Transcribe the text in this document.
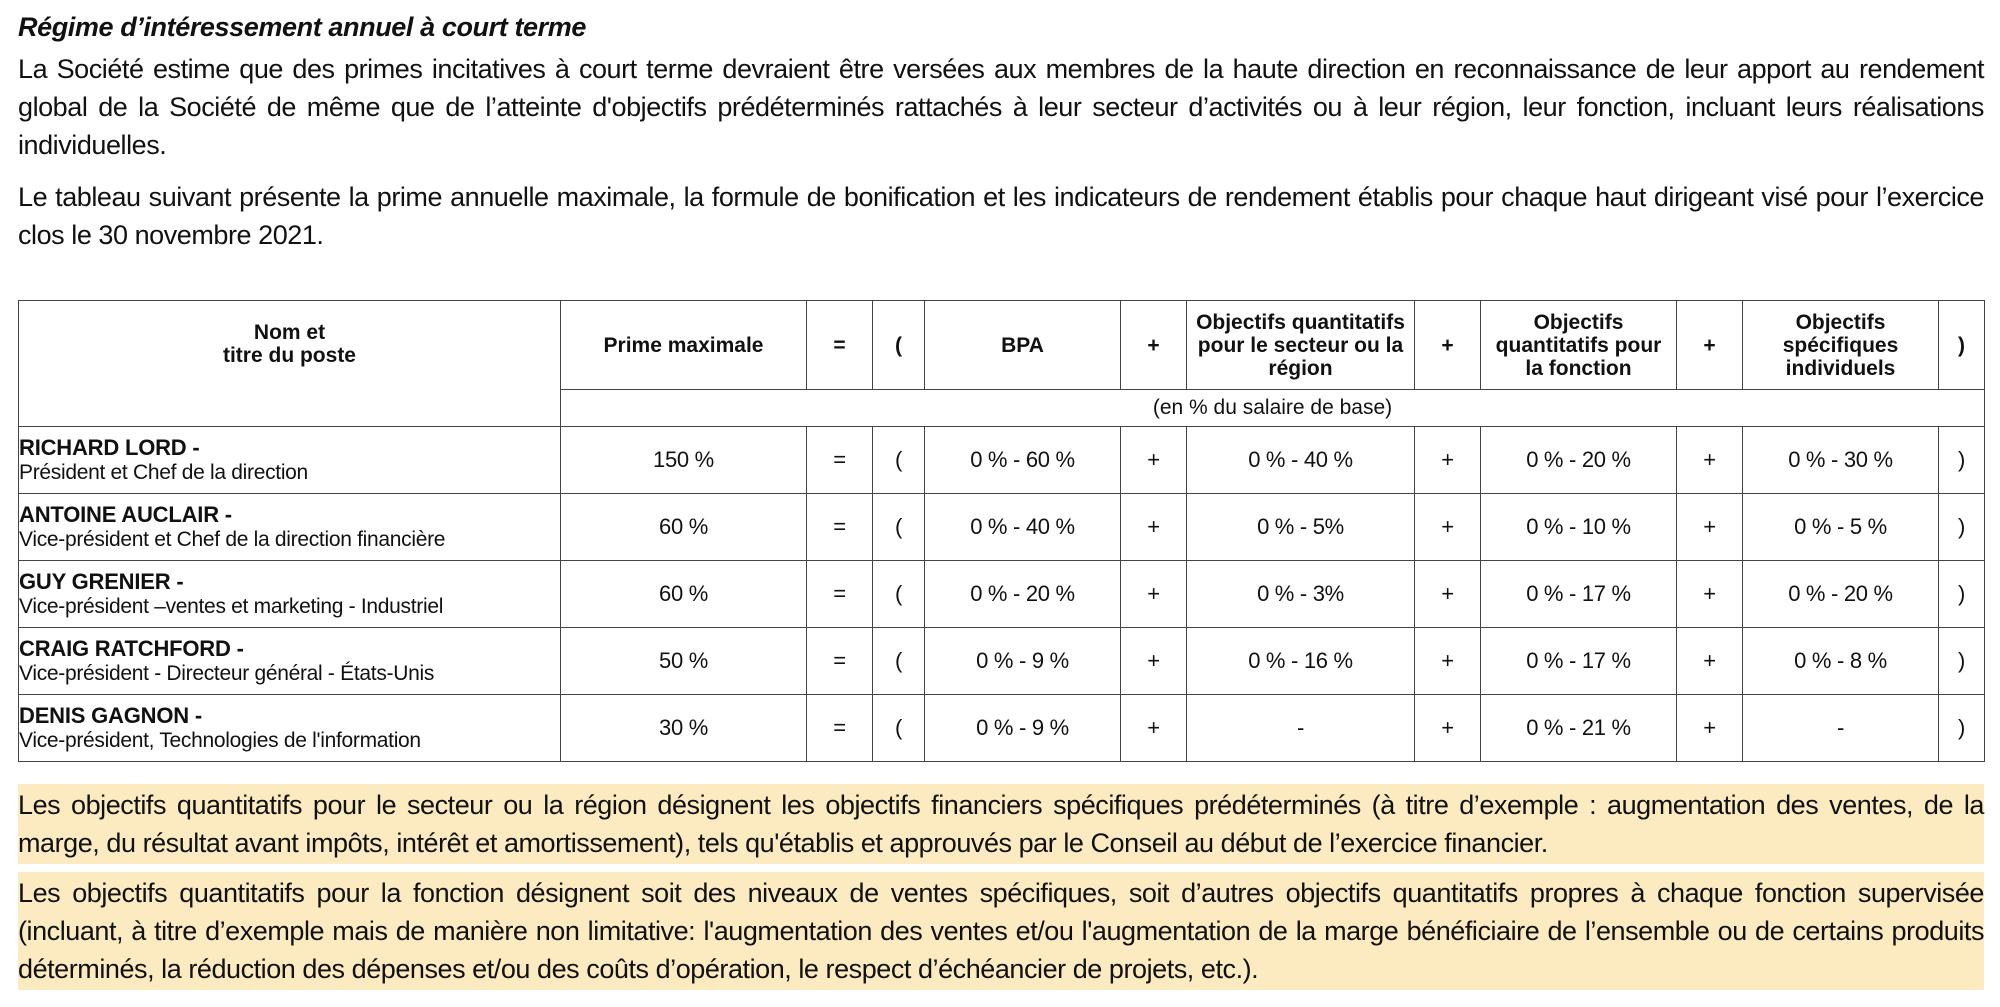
Régime d’intéressement annuel à court terme

La Société estime que des primes incitatives à court terme devraient être versées aux membres de la haute direction en reconnaissance de leur apport au rendement global de la Société de même que de l’atteinte d'objectifs prédéterminés rattachés à leur secteur d’activités ou à leur région, leur fonction, incluant leurs réalisations individuelles.

Le tableau suivant présente la prime annuelle maximale, la formule de bonification et les indicateurs de rendement établis pour chaque haut dirigeant visé pour l’exercice clos le 30 novembre 2021.

Nom et
titre du poste	Prime maximale	=	(	BPA	+	Objectifs quantitatifs pour le secteur ou la région	+	Objectifs quantitatifs pour la fonction	+	Objectifs spécifiques individuels	)
	(en % du salaire de base)										

RICHARD LORD -
Président et Chef de la direction	150 %	=	(	0 % - 60 %	+	0 % - 40 %	+	0 % - 20 %	+	0 % - 30 %	)

ANTOINE AUCLAIR -
Vice-président et Chef de la direction financière	60 %	=	(	0 % - 40 %	+	0 % - 5%	+	0 % - 10 %	+	0 % - 5 %	)

GUY GRENIER -
Vice-président –ventes et marketing - Industriel	60 %	=	(	0 % - 20 %	+	0 % - 3%	+	0 % - 17 %	+	0 % - 20 %	)

CRAIG RATCHFORD -
Vice-président - Directeur général - États-Unis	50 %	=	(	0 % - 9 %	+	0 % - 16 %	+	0 % - 17 %	+	0 % - 8 %	)

DENIS GAGNON -
Vice-président, Technologies de l'information	30 %	=	(	0 % - 9 %	+	-	+	0 % - 21 %	+	-	)

Les objectifs quantitatifs pour le secteur ou la région désignent les objectifs financiers spécifiques prédéterminés (à titre d’exemple : augmentation des ventes, de la marge, du résultat avant impôts, intérêt et amortissement), tels qu'établis et approuvés par le Conseil au début de l’exercice financier.

Les objectifs quantitatifs pour la fonction désignent soit des niveaux de ventes spécifiques, soit d’autres objectifs quantitatifs propres à chaque fonction supervisée (incluant, à titre d’exemple mais de manière non limitative: l'augmentation des ventes et/ou l'augmentation de la marge bénéficiaire de l’ensemble ou de certains produits déterminés, la réduction des dépenses et/ou des coûts d’opération, le respect d’échéancier de projets, etc.).
